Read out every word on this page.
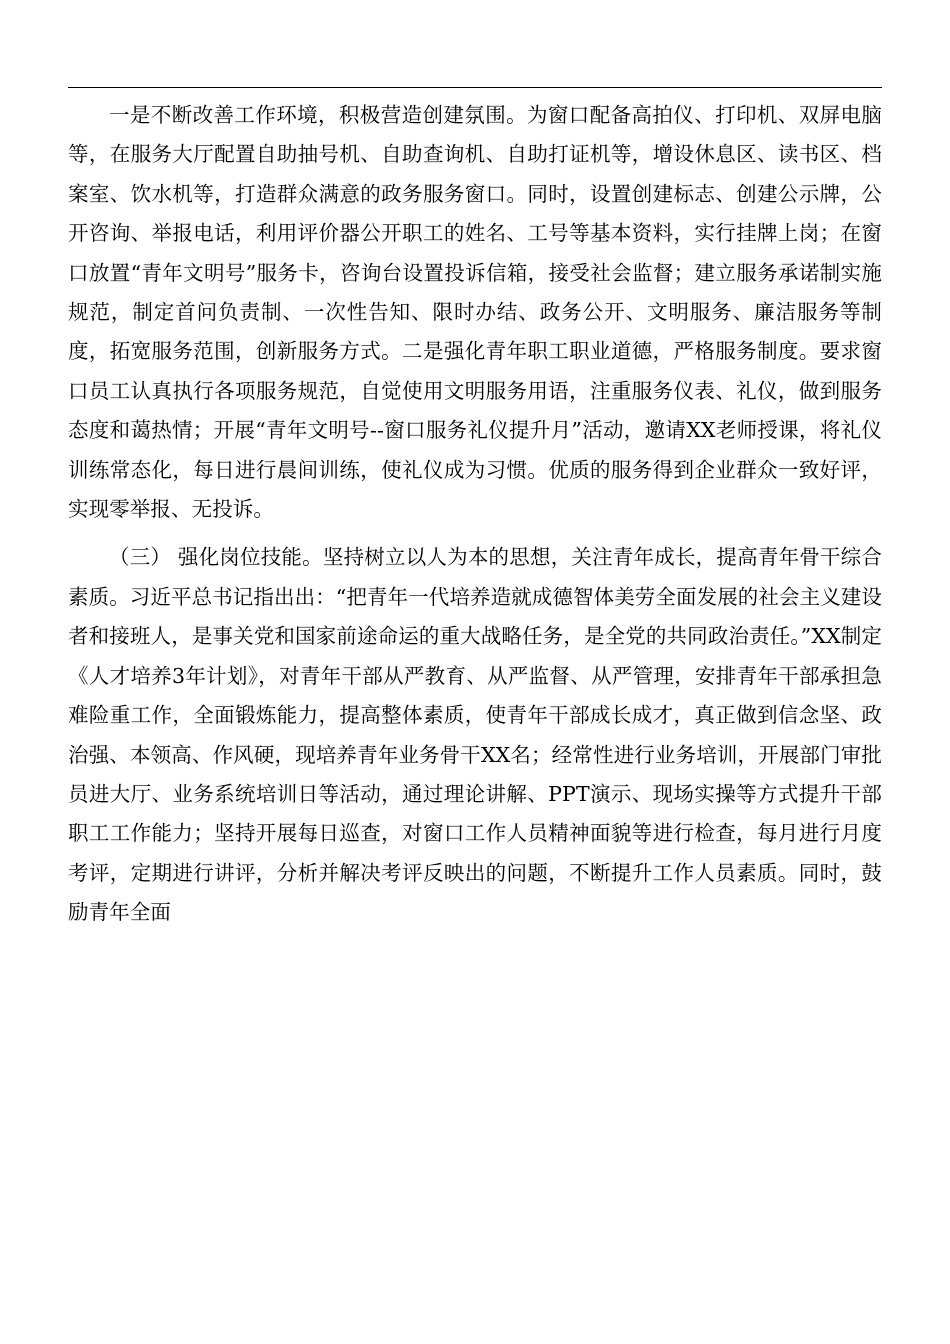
一是不断改善工作环境，积极营造创建氛围。为窗口配备高拍仪、打印机、双屏电脑等，在服务大厅配置自助抽号机、自助查询机、自助打证机等，增设休息区、读书区、档案室、饮水机等，打造群众满意的政务服务窗口。同时，设置创建标志、创建公示牌，公开咨询、举报电话，利用评价器公开职工的姓名、工号等基本资料，实行挂牌上岗；在窗口放置“青年文明号”服务卡，咨询台设置投诉信箱，接受社会监督；建立服务承诺制实施规范，制定首问负责制、一次性告知、限时办结、政务公开、文明服务、廉洁服务等制度，拓宽服务范围，创新服务方式。二是强化青年职工职业道德，严格服务制度。要求窗口员工认真执行各项服务规范，自觉使用文明服务用语，注重服务仪表、礼仪，做到服务态度和蔼热情；开展“青年文明号--窗口服务礼仪提升月”活动，邀请XX老师授课，将礼仪训练常态化，每日进行晨间训练，使礼仪成为习惯。优质的服务得到企业群众一致好评，实现零举报、无投诉。

（三） 强化岗位技能。坚持树立以人为本的思想，关注青年成长，提高青年骨干综合素质。习近平总书记指出出：“把青年一代培养造就成德智体美劳全面发展的社会主义建设者和接班人，是事关党和国家前途命运的重大战略任务，是全党的共同政治责任。”XX制定《人才培养3年计划》，对青年干部从严教育、从严监督、从严管理，安排青年干部承担急难险重工作，全面锻炼能力，提高整体素质，使青年干部成长成才，真正做到信念坚、政治强、本领高、作风硬，现培养青年业务骨干XX名；经常性进行业务培训，开展部门审批员进大厅、业务系统培训日等活动，通过理论讲解、PPT演示、现场实操等方式提升干部职工工作能力；坚持开展每日巡查，对窗口工作人员精神面貌等进行检查，每月进行月度考评，定期进行讲评，分析并解决考评反映出的问题，不断提升工作人员素质。同时，鼓励青年全面
